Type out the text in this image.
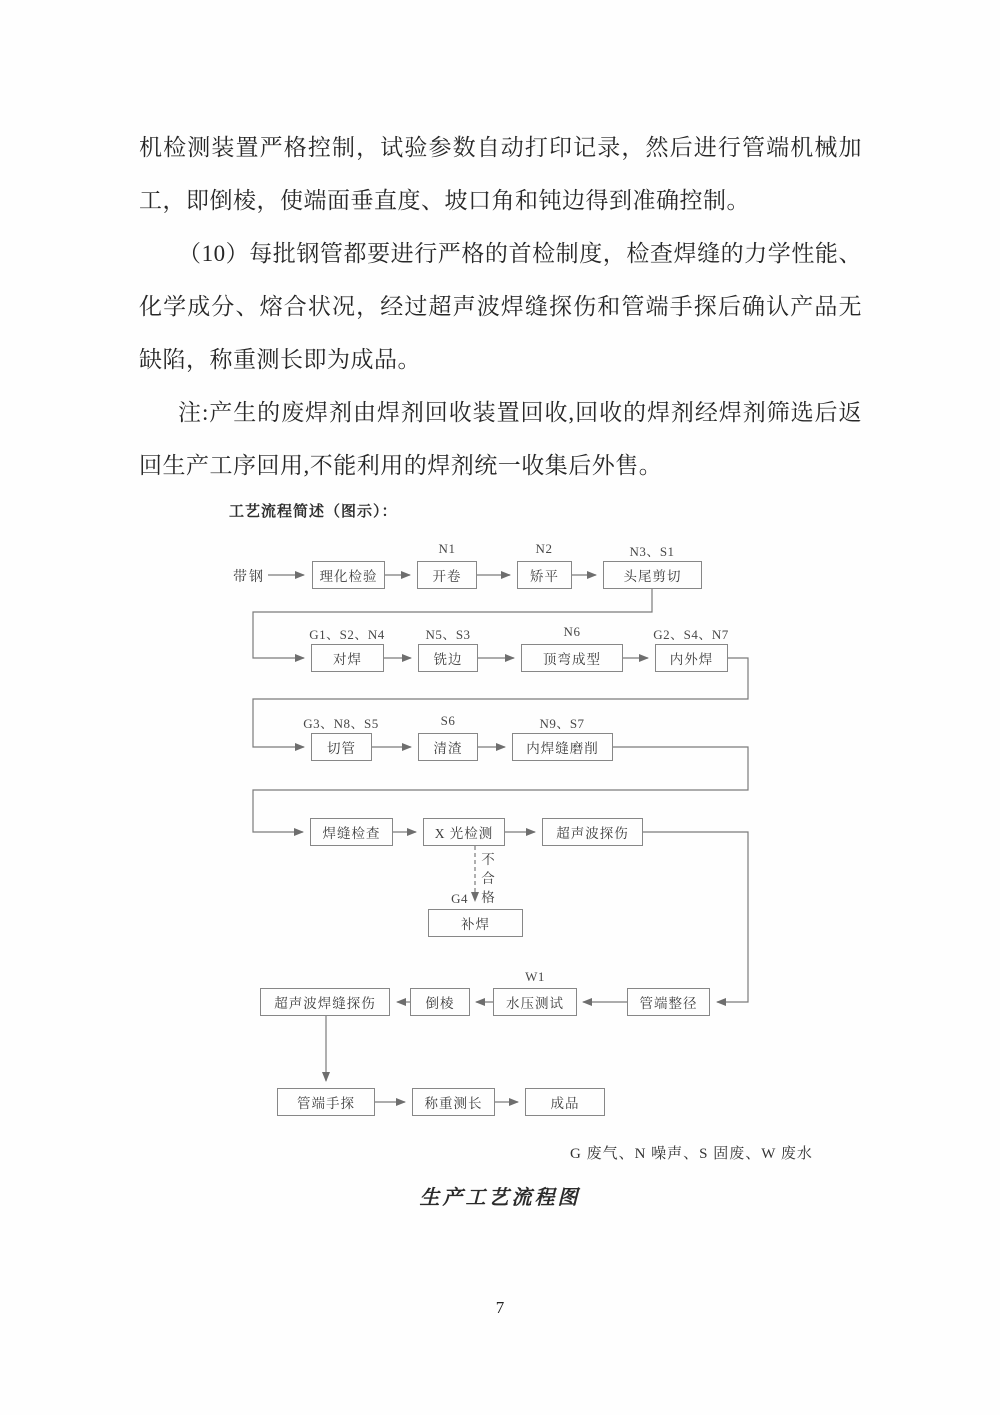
机检测装置严格控制，试验参数自动打印记录，然后进行管端机械加工，即倒棱，使端面垂直度、坡口角和钝边得到准确控制。

（10）每批钢管都要进行严格的首检制度，检查焊缝的力学性能、化学成分、熔合状况，经过超声波焊缝探伤和管端手探后确认产品无缺陷，称重测长即为成品。

注:产生的废焊剂由焊剂回收装置回收,回收的焊剂经焊剂筛选后返回生产工序回用,不能利用的焊剂统一收集后外售。

工艺流程简述（图示）：
带钢	理化检验	开卷	矫平	头尾剪切
N1	N2	N3、S1
对焊	铣边	顶弯成型	内外焊
G1、S2、N4	N5、S3	N6	G2、S4、N7
切管	清渣	内焊缝磨削
G3、N8、S5	S6	N9、S7
焊缝检查	X 光检测	超声波探伤
不合格
G4
补焊
管端整径
W1
水压测试
倒棱
超声波焊缝探伤
管端手探	称重测长	成品
G 废气、N 噪声、S 固废、W 废水
生产工艺流程图
7
